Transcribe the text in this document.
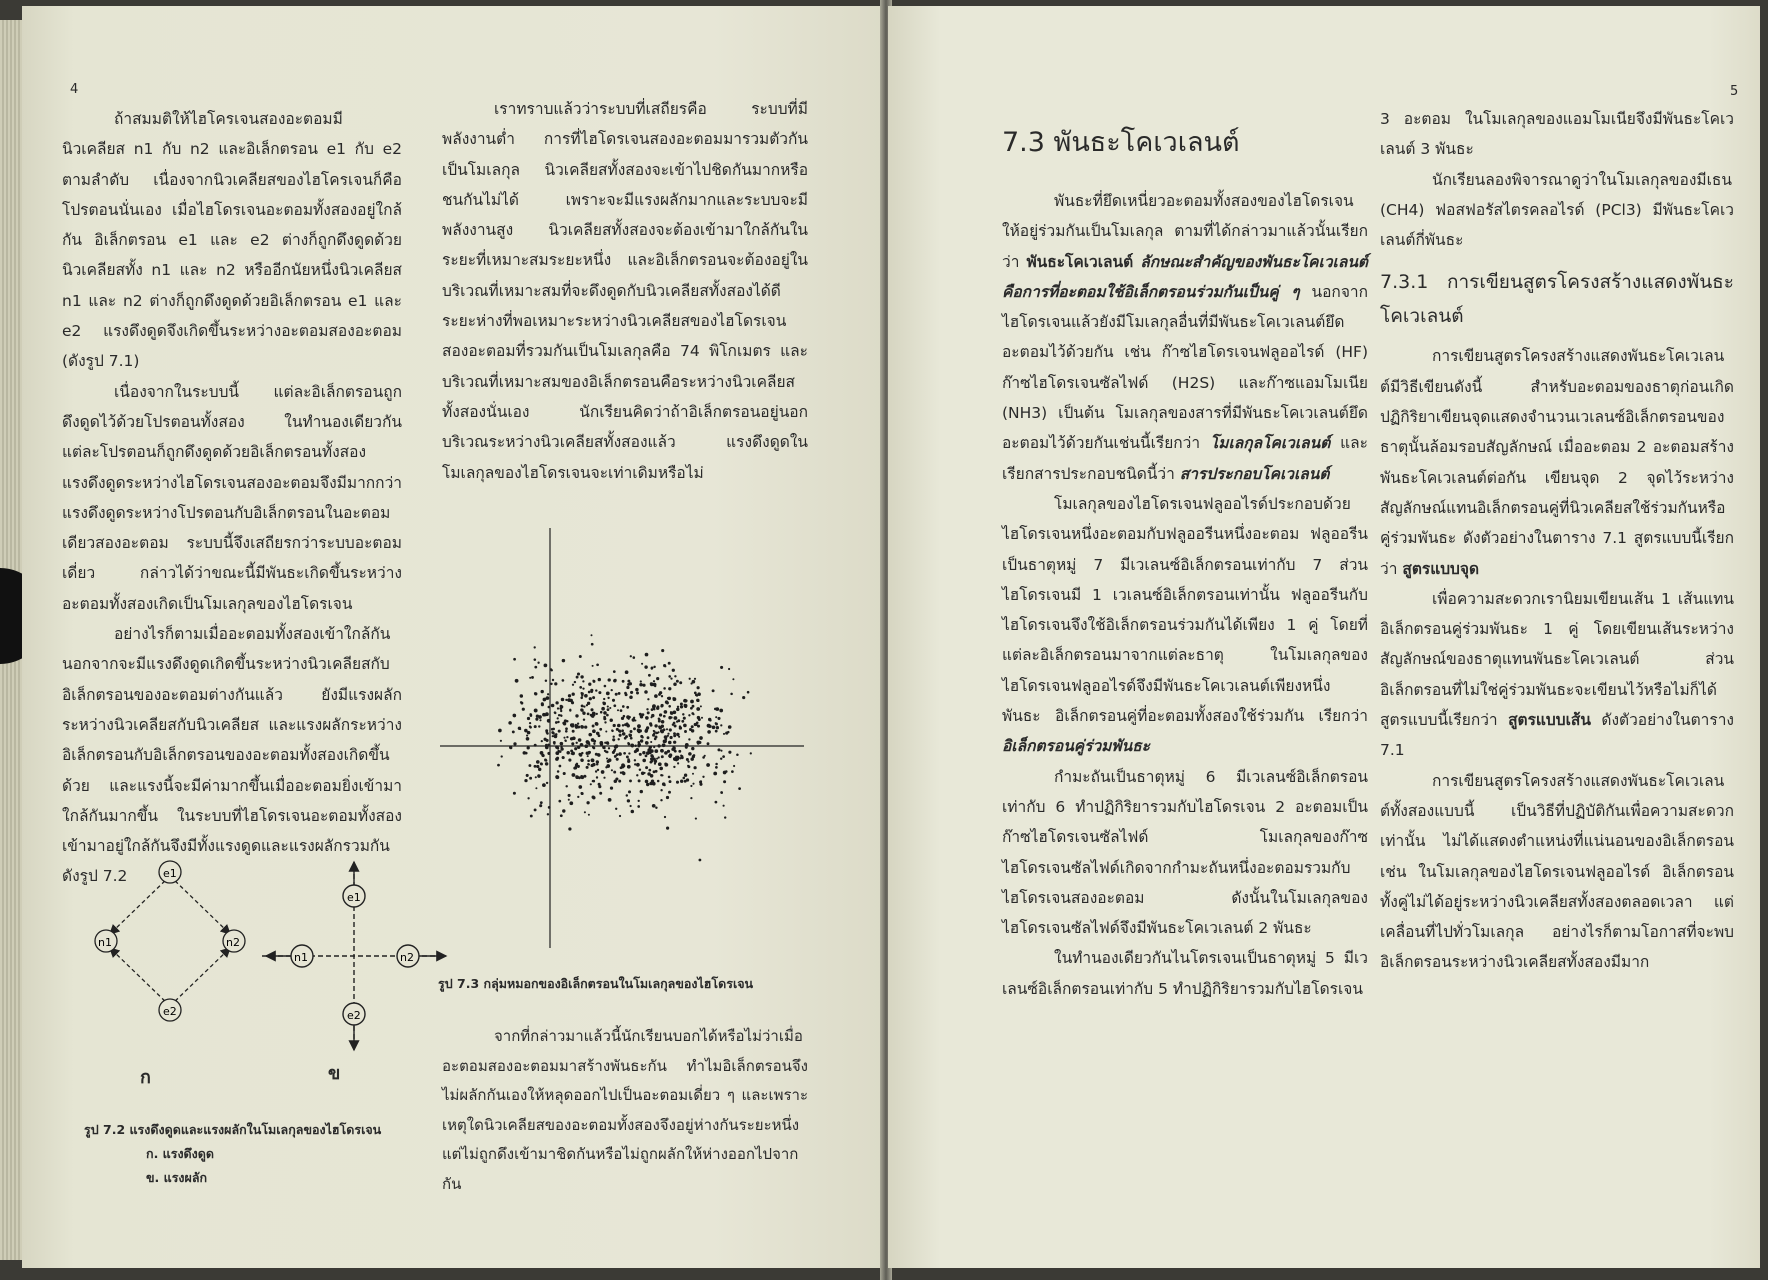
4

ถ้าสมมติให้ไฮโครเจนสองอะตอมมีนิวเคลียส n1 กับ n2 และอิเล็กตรอน e1 กับ e2 ตามลำดับ เนื่องจากนิวเคลียสของไฮโครเจนก็คือโปรตอนนั่นเอง เมื่อไฮโดรเจนอะตอมทั้งสองอยู่ใกล้กัน อิเล็กตรอน e1 และ e2 ต่างก็ถูกดึงดูดด้วยนิวเคลียสทั้ง n1 และ n2 หรืออีกนัยหนึ่งนิวเคลียส n1 และ n2 ต่างก็ถูกดึงดูดด้วยอิเล็กตรอน e1 และ e2 แรงดึงดูดจึงเกิดขึ้นระหว่างอะตอมสองอะตอม (ดังรูป 7.1)

เนื่องจากในระบบนี้ แต่ละอิเล็กตรอนถูกดึงดูดไว้ด้วยโปรตอนทั้งสอง ในทำนองเดียวกันแต่ละโปรตอนก็ถูกดึงดูดด้วยอิเล็กตรอนทั้งสอง แรงดึงดูดระหว่างไฮโดรเจนสองอะตอมจึงมีมากกว่าแรงดึงดูดระหว่างโปรตอนกับอิเล็กตรอนในอะตอมเดียวสองอะตอม ระบบนี้จึงเสถียรกว่าระบบอะตอมเดี่ยว กล่าวได้ว่าขณะนี้มีพันธะเกิดขึ้นระหว่างอะตอมทั้งสองเกิดเป็นโมเลกุลของไฮโดรเจน

อย่างไรก็ตามเมื่ออะตอมทั้งสองเข้าใกล้กัน นอกจากจะมีแรงดึงดูดเกิดขึ้นระหว่างนิวเคลียสกับอิเล็กตรอนของอะตอมต่างกันแล้ว ยังมีแรงผลักระหว่างนิวเคลียสกับนิวเคลียส และแรงผลักระหว่างอิเล็กตรอนกับอิเล็กตรอนของอะตอมทั้งสองเกิดขึ้นด้วย และแรงนี้จะมีค่ามากขึ้นเมื่ออะตอมยิ่งเข้ามาใกล้กันมากขึ้น ในระบบที่ไฮโดรเจนอะตอมทั้งสองเข้ามาอยู่ใกล้กันจึงมีทั้งแรงดูดและแรงผลักรวมกัน ดังรูป 7.2

เราทราบแล้วว่าระบบที่เสถียรคือ ระบบที่มีพลังงานต่ำ การที่ไฮโดรเจนสองอะตอมมารวมตัวกันเป็นโมเลกุล นิวเคลียสทั้งสองจะเข้าไปชิดกันมากหรือชนกันไม่ได้ เพราะจะมีแรงผลักมากและระบบจะมีพลังงานสูง นิวเคลียสทั้งสองจะต้องเข้ามาใกล้กันในระยะที่เหมาะสมระยะหนึ่ง และอิเล็กตรอนจะต้องอยู่ในบริเวณที่เหมาะสมที่จะดึงดูดกับนิวเคลียสทั้งสองได้ดี ระยะห่างที่พอเหมาะระหว่างนิวเคลียสของไฮโดรเจนสองอะตอมที่รวมกันเป็นโมเลกุลคือ 74 พิโกเมตร และบริเวณที่เหมาะสมของอิเล็กตรอนคือระหว่างนิวเคลียสทั้งสองนั่นเอง นักเรียนคิดว่าถ้าอิเล็กตรอนอยู่นอกบริเวณระหว่างนิวเคลียสทั้งสองแล้ว แรงดึงดูดในโมเลกุลของไฮโดรเจนจะเท่าเดิมหรือไม่

e1
n1	n2
e2
e1
e2
n1	n2
ก	ข
รูป 7.2 แรงดึงดูดและแรงผลักในโมเลกุลของไฮโดรเจน
ก. แรงดึงดูด
ข. แรงผลัก
รูป 7.3 กลุ่มหมอกของอิเล็กตรอนในโมเลกุลของไฮโดรเจน

จากที่กล่าวมาแล้วนี้นักเรียนบอกได้หรือไม่ว่าเมื่ออะตอมสองอะตอมมาสร้างพันธะกัน ทำไมอิเล็กตรอนจึงไม่ผลักกันเองให้หลุดออกไปเป็นอะตอมเดี่ยว ๆ และเพราะเหตุใดนิวเคลียสของอะตอมทั้งสองจึงอยู่ห่างกันระยะหนึ่ง แต่ไม่ถูกดึงเข้ามาชิดกันหรือไม่ถูกผลักให้ห่างออกไปจากกัน

5
7.3 พันธะโคเวเลนต์

พันธะที่ยึดเหนี่ยวอะตอมทั้งสองของไฮโดรเจนให้อยู่ร่วมกันเป็นโมเลกุล ตามที่ได้กล่าวมาแล้วนั้นเรียกว่า พันธะโคเวเลนต์ ลักษณะสำคัญของพันธะโคเวเลนต์คือการที่อะตอมใช้อิเล็กตรอนร่วมกันเป็นคู่ ๆ นอกจากไฮโดรเจนแล้วยังมีโมเลกุลอื่นที่มีพันธะโคเวเลนต์ยึดอะตอมไว้ด้วยกัน เช่น ก๊าซไฮโดรเจนฟลูออไรด์ (HF) ก๊าซไฮโดรเจนซัลไฟด์ (H2S) และก๊าซแอมโมเนีย (NH3) เป็นต้น โมเลกุลของสารที่มีพันธะโคเวเลนต์ยึดอะตอมไว้ด้วยกันเช่นนี้เรียกว่า โมเลกุลโคเวเลนต์ และเรียกสารประกอบชนิดนี้ว่า สารประกอบโคเวเลนต์

โมเลกุลของไฮโดรเจนฟลูออไรด์ประกอบด้วยไฮโดรเจนหนึ่งอะตอมกับฟลูออรีนหนึ่งอะตอม ฟลูออรีนเป็นธาตุหมู่ 7 มีเวเลนซ์อิเล็กตรอนเท่ากับ 7 ส่วนไฮโดรเจนมี 1 เวเลนซ์อิเล็กตรอนเท่านั้น ฟลูออรีนกับไฮโดรเจนจึงใช้อิเล็กตรอนร่วมกันได้เพียง 1 คู่ โดยที่แต่ละอิเล็กตรอนมาจากแต่ละธาตุ ในโมเลกุลของไฮโดรเจนฟลูออไรด์จึงมีพันธะโคเวเลนต์เพียงหนึ่งพันธะ อิเล็กตรอนคู่ที่อะตอมทั้งสองใช้ร่วมกัน เรียกว่า อิเล็กตรอนคู่ร่วมพันธะ

กำมะถันเป็นธาตุหมู่ 6 มีเวเลนซ์อิเล็กตรอนเท่ากับ 6 ทำปฏิกิริยารวมกับไฮโดรเจน 2 อะตอมเป็นก๊าซไฮโดรเจนซัลไฟด์ โมเลกุลของก๊าซไฮโดรเจนซัลไฟด์เกิดจากกำมะถันหนึ่งอะตอมรวมกับไฮโดรเจนสองอะตอม ดังนั้นในโมเลกุลของไฮโดรเจนซัลไฟด์จึงมีพันธะโคเวเลนต์ 2 พันธะ

ในทำนองเดียวกันไนโตรเจนเป็นธาตุหมู่ 5 มีเวเลนซ์อิเล็กตรอนเท่ากับ 5 ทำปฏิกิริยารวมกับไฮโดรเจน

3 อะตอม ในโมเลกุลของแอมโมเนียจึงมีพันธะโคเวเลนต์ 3 พันธะ

นักเรียนลองพิจารณาดูว่าในโมเลกุลของมีเธน (CH4) ฟอสฟอรัสไตรคลอไรด์ (PCl3) มีพันธะโคเวเลนต์กี่พันธะ

7.3.1 การเขียนสูตรโครงสร้างแสดงพันธะโคเวเลนต์

การเขียนสูตรโครงสร้างแสดงพันธะโคเวเลนต์มีวิธีเขียนดังนี้ สำหรับอะตอมของธาตุก่อนเกิดปฏิกิริยาเขียนจุดแสดงจำนวนเวเลนซ์อิเล็กตรอนของธาตุนั้นล้อมรอบสัญลักษณ์ เมื่ออะตอม 2 อะตอมสร้างพันธะโคเวเลนต์ต่อกัน เขียนจุด 2 จุดไว้ระหว่างสัญลักษณ์แทนอิเล็กตรอนคู่ที่นิวเคลียสใช้ร่วมกันหรือคู่ร่วมพันธะ ดังตัวอย่างในตาราง 7.1 สูตรแบบนี้เรียกว่า สูตรแบบจุด

เพื่อความสะดวกเรานิยมเขียนเส้น 1 เส้นแทนอิเล็กตรอนคู่ร่วมพันธะ 1 คู่ โดยเขียนเส้นระหว่างสัญลักษณ์ของธาตุแทนพันธะโคเวเลนต์ ส่วนอิเล็กตรอนที่ไม่ใช่คู่ร่วมพันธะจะเขียนไว้หรือไม่ก็ได้ สูตรแบบนี้เรียกว่า สูตรแบบเส้น ดังตัวอย่างในตาราง 7.1

การเขียนสูตรโครงสร้างแสดงพันธะโคเวเลนต์ทั้งสองแบบนี้ เป็นวิธีที่ปฏิบัติกันเพื่อความสะดวกเท่านั้น ไม่ได้แสดงตำแหน่งที่แน่นอนของอิเล็กตรอน เช่น ในโมเลกุลของไฮโดรเจนฟลูออไรด์ อิเล็กตรอนทั้งคู่ไม่ได้อยู่ระหว่างนิวเคลียสทั้งสองตลอดเวลา แต่เคลื่อนที่ไปทั่วโมเลกุล อย่างไรก็ตามโอกาสที่จะพบอิเล็กตรอนระหว่างนิวเคลียสทั้งสองมีมาก
